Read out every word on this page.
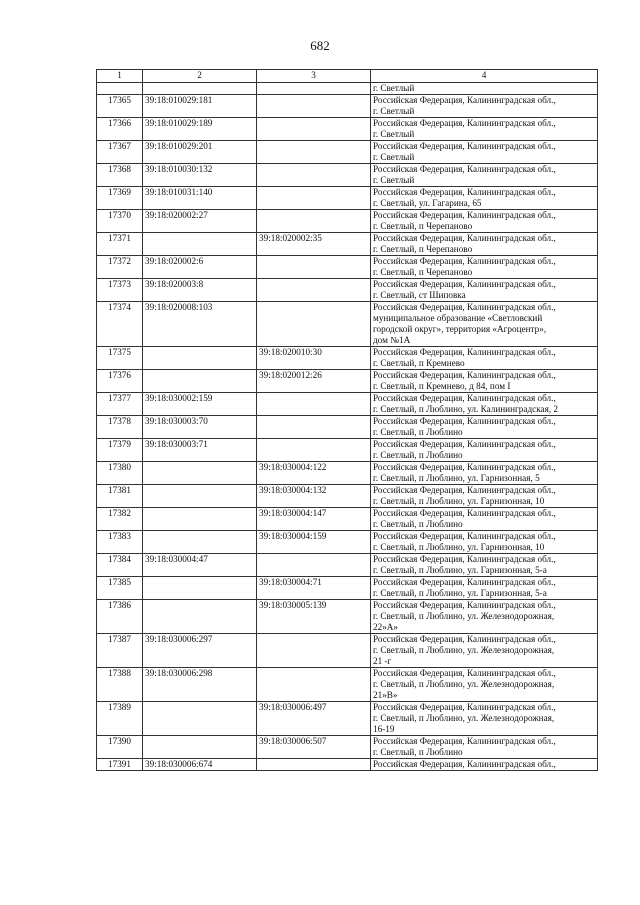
682
1	2	3	4
			г. Светлый
17365	39:18:010029:181		Российская Федерация, Калининградская обл.,
г. Светлый
17366	39:18:010029:189		Российская Федерация, Калининградская обл.,
г. Светлый
17367	39:18:010029:201		Российская Федерация, Калининградская обл.,
г. Светлый
17368	39:18:010030:132		Российская Федерация, Калининградская обл.,
г. Светлый
17369	39:18:010031:140		Российская Федерация, Калининградская обл.,
г. Светлый, ул. Гагарина, 65
17370	39:18:020002:27		Российская Федерация, Калининградская обл.,
г. Светлый, п Черепаново
17371		39:18:020002:35	Российская Федерация, Калининградская обл.,
г. Светлый, п Черепаново
17372	39:18:020002:6		Российская Федерация, Калининградская обл.,
г. Светлый, п Черепаново
17373	39:18:020003:8		Российская Федерация, Калининградская обл.,
г. Светлый, ст Шиповка
17374	39:18:020008:103		Российская Федерация, Калининградская обл.,
муниципальное образование «Светловский
городской округ», территория «Агроцентр»,
дом №1А
17375		39:18:020010:30	Российская Федерация, Калининградская обл.,
г. Светлый, п Кремнево
17376		39:18:020012:26	Российская Федерация, Калининградская обл.,
г. Светлый, п Кремнево, д 84, пом I
17377	39:18:030002:159		Российская Федерация, Калининградская обл.,
г. Светлый, п Люблино, ул. Калининградская, 2
17378	39:18:030003:70		Российская Федерация, Калининградская обл.,
г. Светлый, п Люблино
17379	39:18:030003:71		Российская Федерация, Калининградская обл.,
г. Светлый, п Люблино
17380		39:18:030004:122	Российская Федерация, Калининградская обл.,
г. Светлый, п Люблино, ул. Гарнизонная, 5
17381		39:18:030004:132	Российская Федерация, Калининградская обл.,
г. Светлый, п Люблино, ул. Гарнизонная, 10
17382		39:18:030004:147	Российская Федерация, Калининградская обл.,
г. Светлый, п Люблино
17383		39:18:030004:159	Российская Федерация, Калининградская обл.,
г. Светлый, п Люблино, ул. Гарнизонная, 10
17384	39:18:030004:47		Российская Федерация, Калининградская обл.,
г. Светлый, п Люблино, ул. Гарнизонная, 5-а
17385		39:18:030004:71	Российская Федерация, Калининградская обл.,
г. Светлый, п Люблино, ул. Гарнизонная, 5-а
17386		39:18:030005:139	Российская Федерация, Калининградская обл.,
г. Светлый, п Люблино, ул. Железнодорожная,
22»А»
17387	39:18:030006:297		Российская Федерация, Калининградская обл.,
г. Светлый, п Люблино, ул. Железнодорожная,
21 -г
17388	39:18:030006:298		Российская Федерация, Калининградская обл.,
г. Светлый, п Люблино, ул. Железнодорожная,
21»В»
17389		39:18:030006:497	Российская Федерация, Калининградская обл.,
г. Светлый, п Люблино, ул. Железнодорожная,
16-19
17390		39:18:030006:507	Российская Федерация, Калининградская обл.,
г. Светлый, п Люблино
17391	39:18:030006:674		Российская Федерация, Калининградская обл.,
